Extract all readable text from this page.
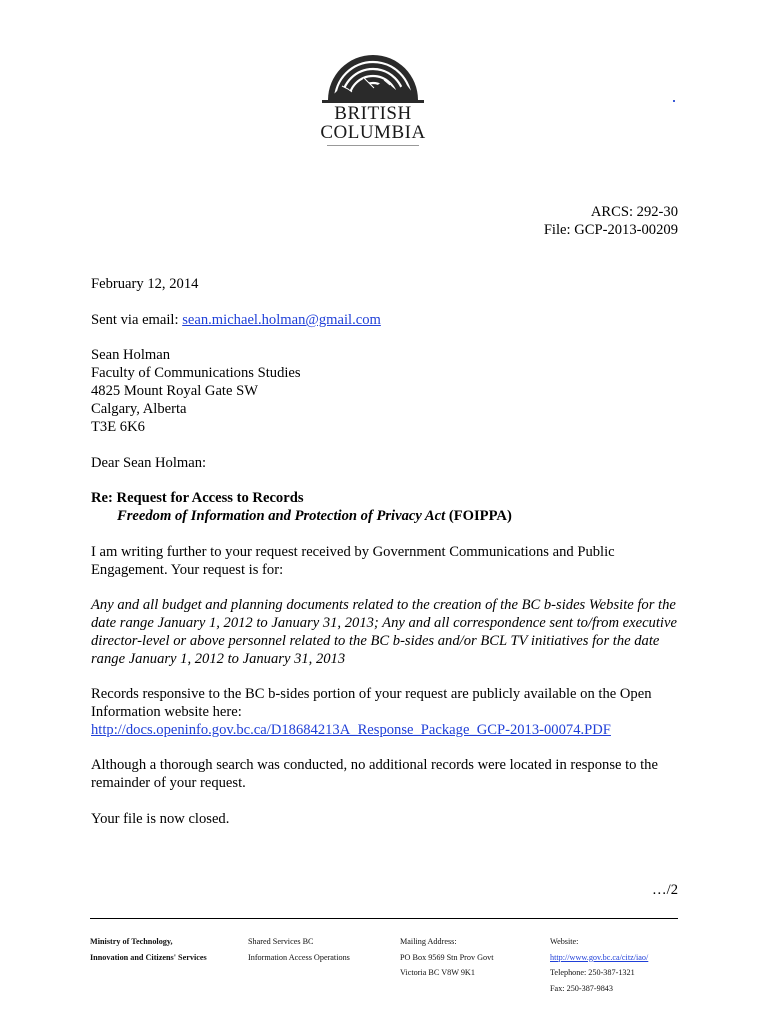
BRITISH
COLUMBIA
ARCS: 292-30
File: GCP-2013-00209
February 12, 2014
Sent via email: sean.michael.holman@gmail.com
Sean Holman
Faculty of Communications Studies
4825 Mount Royal Gate SW
Calgary, Alberta
T3E 6K6
Dear Sean Holman:
Re: Request for Access to Records
Freedom of Information and Protection of Privacy Act (FOIPPA)
I am writing further to your request received by Government Communications and Public Engagement. Your request is for:
Any and all budget and planning documents related to the creation of the BC b-sides Website for the date range January 1, 2012 to January 31, 2013; Any and all correspondence sent to/from executive director-level or above personnel related to the BC b-sides and/or BCL TV initiatives for the date range January 1, 2012 to January 31, 2013
Records responsive to the BC b-sides portion of your request are publicly available on the Open Information website here:
http://docs.openinfo.gov.bc.ca/D18684213A_Response_Package_GCP-2013-00074.PDF
Although a thorough search was conducted, no additional records were located in response to the remainder of your request.
Your file is now closed.
…/2
Ministry of Technology,
Innovation and Citizens' Services
Shared Services BC
Information Access Operations
Mailing Address:
PO Box 9569 Stn Prov Govt
Victoria BC V8W 9K1
Website:
http://www.gov.bc.ca/citz/iao/
Telephone: 250-387-1321
Fax: 250-387-9843
